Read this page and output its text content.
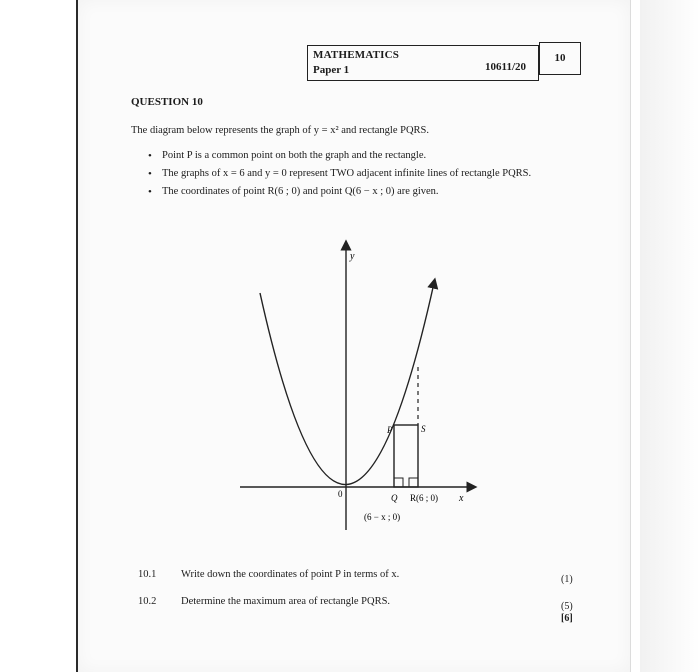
MATHEMATICS
Paper 1	10611/20
10
QUESTION 10
The diagram below represents the graph of y = x² and rectangle PQRS.
• Point P is a common point on both the graph and the rectangle.
• The graphs of x = 6 and y = 0 represent TWO adjacent infinite lines of rectangle PQRS.
• The coordinates of point R(6 ; 0) and point Q(6 − x ; 0) are given.
y
x
0
P	S
Q R(6 ; 0)
(6 − x ; 0)
10.1 Write down the coordinates of point P in terms of x.	(1)
10.2 Determine the maximum area of rectangle PQRS.	(5)
[6]
